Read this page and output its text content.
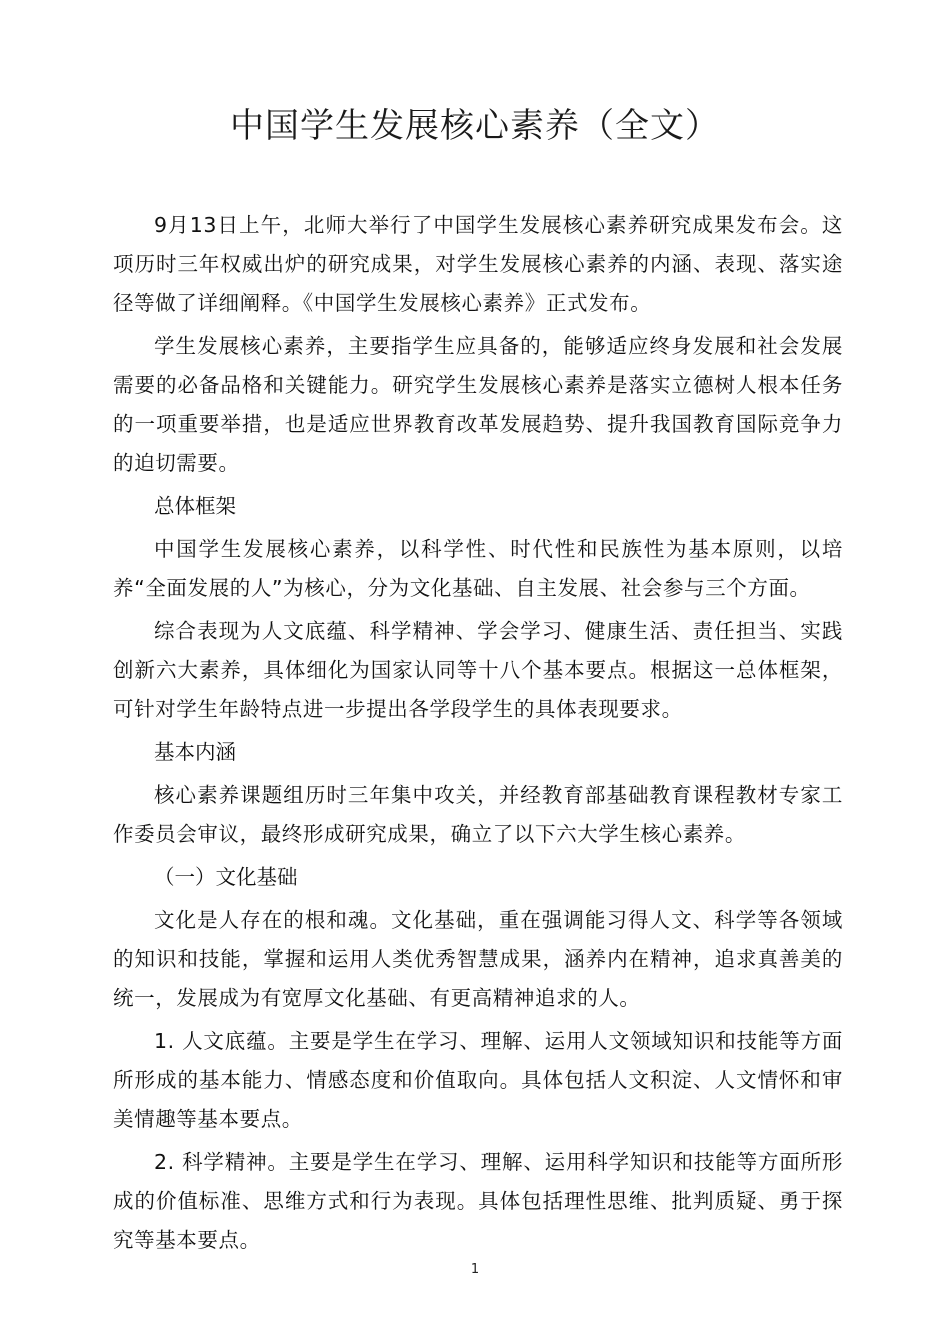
中国学生发展核心素养（全文）

9月13日上午，北师大举行了中国学生发展核心素养研究成果发布会。这项历时三年权威出炉的研究成果，对学生发展核心素养的内涵、表现、落实途径等做了详细阐释。《中国学生发展核心素养》正式发布。

学生发展核心素养，主要指学生应具备的，能够适应终身发展和社会发展需要的必备品格和关键能力。研究学生发展核心素养是落实立德树人根本任务的一项重要举措，也是适应世界教育改革发展趋势、提升我国教育国际竞争力的迫切需要。

总体框架

中国学生发展核心素养，以科学性、时代性和民族性为基本原则，以培养“全面发展的人”为核心，分为文化基础、自主发展、社会参与三个方面。

综合表现为人文底蕴、科学精神、学会学习、健康生活、责任担当、实践创新六大素养，具体细化为国家认同等十八个基本要点。根据这一总体框架，可针对学生年龄特点进一步提出各学段学生的具体表现要求。

基本内涵

核心素养课题组历时三年集中攻关，并经教育部基础教育课程教材专家工作委员会审议，最终形成研究成果，确立了以下六大学生核心素养。

（一）文化基础

文化是人存在的根和魂。文化基础，重在强调能习得人文、科学等各领域的知识和技能，掌握和运用人类优秀智慧成果，涵养内在精神，追求真善美的统一，发展成为有宽厚文化基础、有更高精神追求的人。

1. 人文底蕴。主要是学生在学习、理解、运用人文领域知识和技能等方面所形成的基本能力、情感态度和价值取向。具体包括人文积淀、人文情怀和审美情趣等基本要点。

2. 科学精神。主要是学生在学习、理解、运用科学知识和技能等方面所形成的价值标准、思维方式和行为表现。具体包括理性思维、批判质疑、勇于探究等基本要点。

1
